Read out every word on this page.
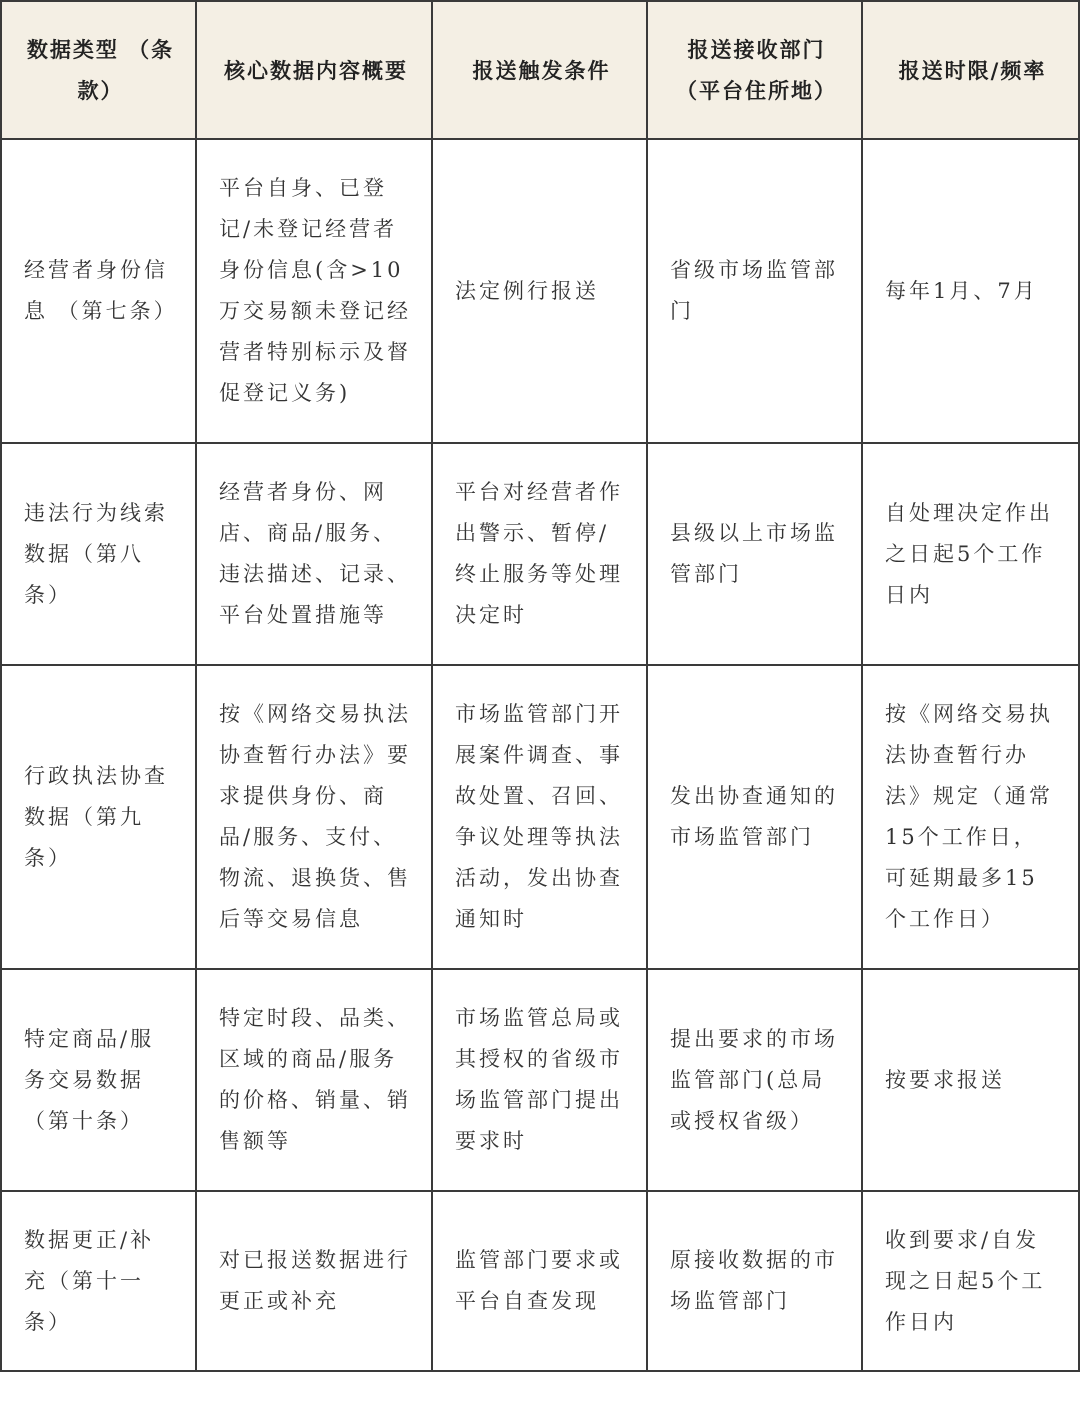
数据类型 （条款）	核心数据内容概要	报送触发条件	报送接收部门（平台住所地）	报送时限/频率
经营者身份信息 （第七条）	平台自身、已登记/未登记经营者身份信息(含>10万交易额未登记经营者特别标示及督促登记义务)	法定例行报送	省级市场监管部门	每年1月、7月
违法行为线索数据（第八条）	经营者身份、网店、商品/服务、违法描述、记录、平台处置措施等	平台对经营者作出警示、暂停/终止服务等处理决定时	县级以上市场监管部门	自处理决定作出之日起5个工作日内
行政执法协查数据（第九条）	按《网络交易执法协查暂行办法》要求提供身份、商品/服务、支付、物流、退换货、售后等交易信息	市场监管部门开展案件调查、事故处置、召回、争议处理等执法活动，发出协查通知时	发出协查通知的市场监管部门	按《网络交易执法协查暂行办法》规定（通常15个工作日，可延期最多15个工作日）
特定商品/服务交易数据 （第十条）	特定时段、品类、区域的商品/服务的价格、销量、销售额等	市场监管总局或其授权的省级市场监管部门提出要求时	提出要求的市场监管部门(总局或授权省级）	按要求报送
数据更正/补充（第十一条）	对已报送数据进行更正或补充	监管部门要求或平台自查发现	原接收数据的市场监管部门	收到要求/自发现之日起5个工作日内
